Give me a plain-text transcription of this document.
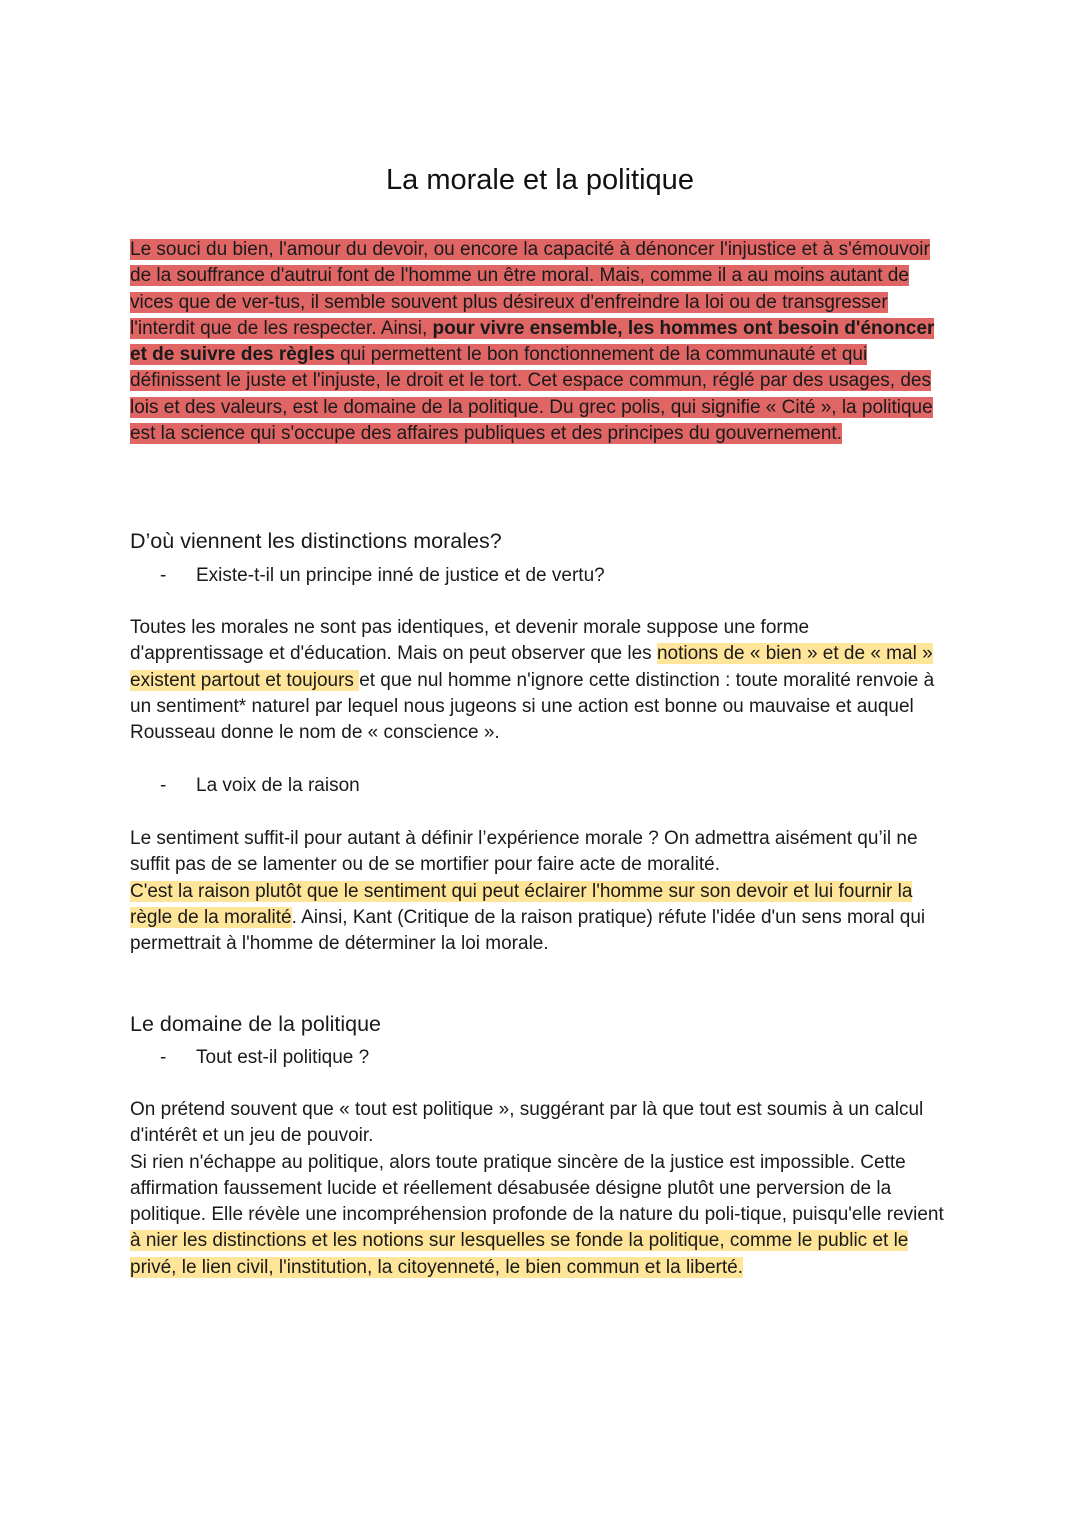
La morale et la politique

Le souci du bien, l'amour du devoir, ou encore la capacité à dénoncer l'injustice et à s'émouvoir de la souffrance d'autrui font de l'homme un être moral. Mais, comme il a au moins autant de vices que de ver-tus, il semble souvent plus désireux d'enfreindre la loi ou de transgresser l'interdit que de les respecter. Ainsi, pour vivre ensemble, les hommes ont besoin d'énoncer et de suivre des règles qui permettent le bon fonctionnement de la communauté et qui définissent le juste et l'injuste, le droit et le tort. Cet espace commun, réglé par des usages, des lois et des valeurs, est le domaine de la politique. Du grec polis, qui signifie « Cité », la politique est la science qui s'occupe des affaires publiques et des principes du gouvernement.

D’où viennent les distinctions morales?
-	Existe-t-il un principe inné de justice et de vertu?

Toutes les morales ne sont pas identiques, et devenir morale suppose une forme d'apprentissage et d'éducation. Mais on peut observer que les notions de « bien » et de « mal » existent partout et toujours et que nul homme n'ignore cette distinction : toute moralité renvoie à un sentiment* naturel par lequel nous jugeons si une action est bonne ou mauvaise et auquel Rousseau donne le nom de « conscience ».

-	La voix de la raison

Le sentiment suffit-il pour autant à définir l’expérience morale ? On admettra aisément qu’il ne suffit pas de se lamenter ou de se mortifier pour faire acte de moralité.
C'est la raison plutôt que le sentiment qui peut éclairer l'homme sur son devoir et lui fournir la règle de la moralité. Ainsi, Kant (Critique de la raison pratique) réfute l'idée d'un sens moral qui permettrait à l'homme de déterminer la loi morale.

Le domaine de la politique
-	Tout est-il politique ?

On prétend souvent que « tout est politique », suggérant par là que tout est soumis à un calcul d'intérêt et un jeu de pouvoir.
Si rien n'échappe au politique, alors toute pratique sincère de la justice est impossible. Cette affirmation faussement lucide et réellement désabusée désigne plutôt une perversion de la politique. Elle révèle une incompréhension profonde de la nature du poli-tique, puisqu'elle revient à nier les distinctions et les notions sur lesquelles se fonde la politique, comme le public et le privé, le lien civil, l'institution, la citoyenneté, le bien commun et la liberté.
